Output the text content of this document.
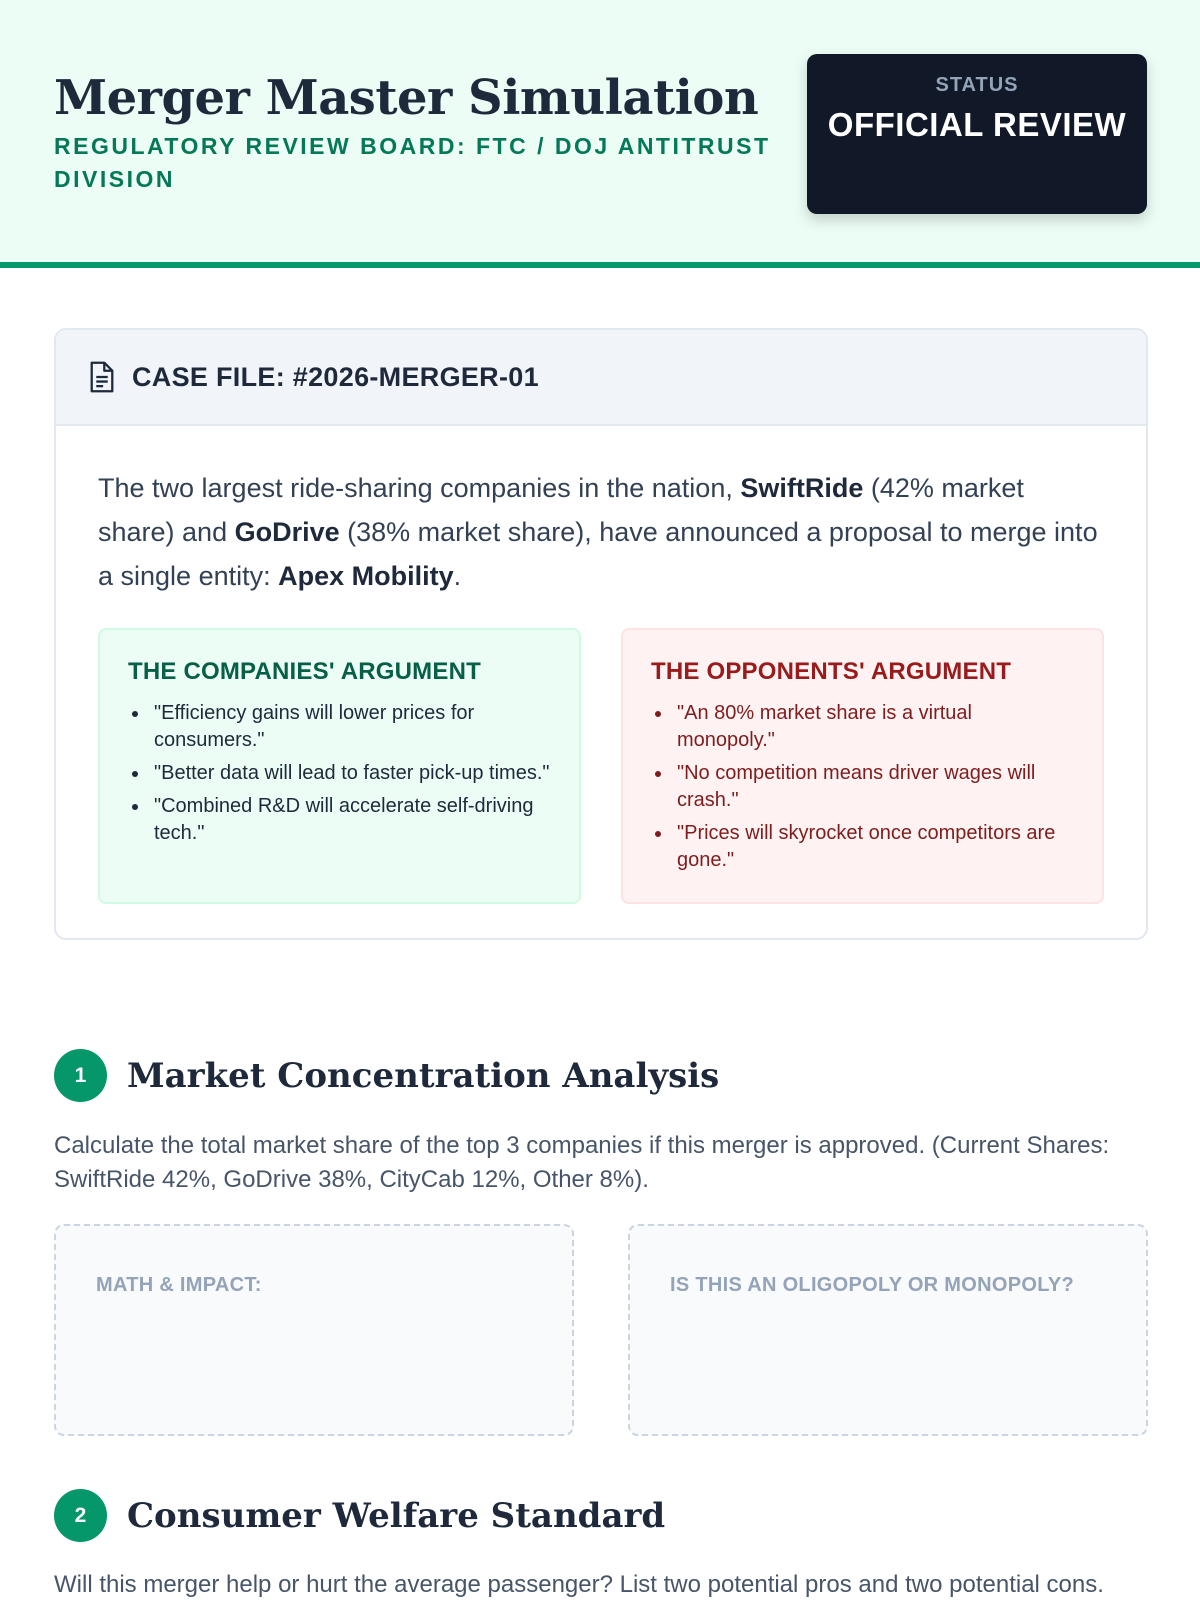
Merger Master Simulation
REGULATORY REVIEW BOARD: FTC / DOJ ANTITRUST DIVISION
STATUS
OFFICIAL REVIEW
CASE FILE: #2026-MERGER-01

The two largest ride-sharing companies in the nation, SwiftRide (42% market share) and GoDrive (38% market share), have announced a proposal to merge into a single entity: Apex Mobility.

THE COMPANIES' ARGUMENT
"Efficiency gains will lower prices for consumers."
"Better data will lead to faster pick-up times."
"Combined R&D will accelerate self-driving tech."
THE OPPONENTS' ARGUMENT
"An 80% market share is a virtual monopoly."
"No competition means driver wages will crash."
"Prices will skyrocket once competitors are gone."
1	Market Concentration Analysis

Calculate the total market share of the top 3 companies if this merger is approved. (Current Shares: SwiftRide 42%, GoDrive 38%, CityCab 12%, Other 8%).

MATH & IMPACT:	IS THIS AN OLIGOPOLY OR MONOPOLY?
2	Consumer Welfare Standard

Will this merger help or hurt the average passenger? List two potential pros and two potential cons.
